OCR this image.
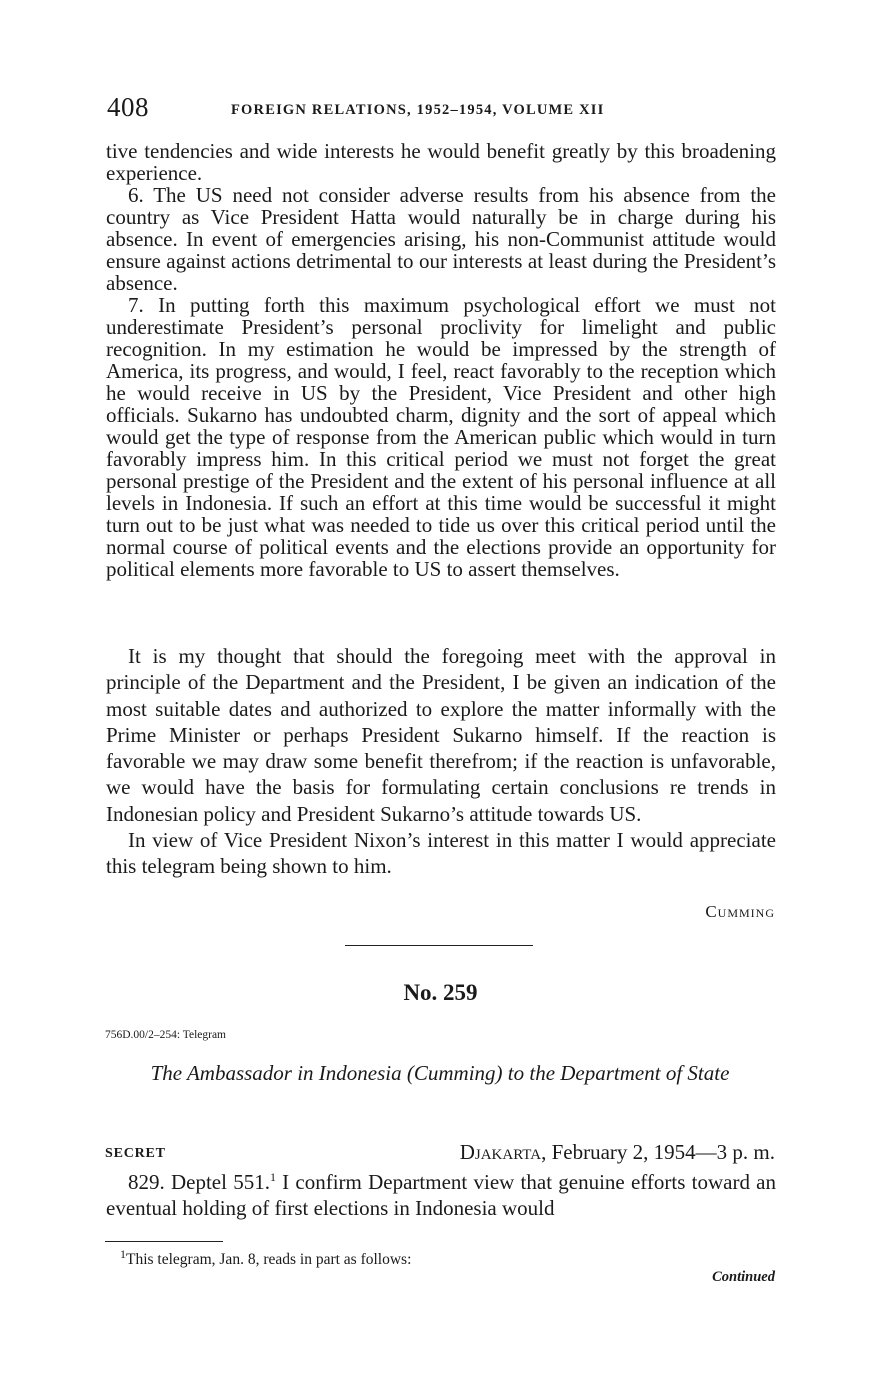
408	FOREIGN RELATIONS, 1952–1954, VOLUME XII

tive tendencies and wide interests he would benefit greatly by this broadening experience.

6. The US need not consider adverse results from his absence from the country as Vice President Hatta would naturally be in charge during his absence. In event of emergencies arising, his non-Communist attitude would ensure against actions detrimental to our interests at least during the President’s absence.

7. In putting forth this maximum psychological effort we must not underestimate President’s personal proclivity for limelight and public recognition. In my estimation he would be impressed by the strength of America, its progress, and would, I feel, react favorably to the reception which he would receive in US by the President, Vice President and other high officials. Sukarno has undoubted charm, dignity and the sort of appeal which would get the type of response from the American public which would in turn favorably impress him. In this critical period we must not forget the great personal prestige of the President and the extent of his personal influence at all levels in Indonesia. If such an effort at this time would be successful it might turn out to be just what was needed to tide us over this critical period until the normal course of political events and the elections provide an opportunity for political elements more favorable to US to assert themselves.

It is my thought that should the foregoing meet with the approval in principle of the Department and the President, I be given an indication of the most suitable dates and authorized to explore the matter informally with the Prime Minister or perhaps President Sukarno himself. If the reaction is favorable we may draw some benefit therefrom; if the reaction is unfavorable, we would have the basis for formulating certain conclusions re trends in Indonesian policy and President Sukarno’s attitude towards US.

In view of Vice President Nixon’s interest in this matter I would appreciate this telegram being shown to him.

Cumming
No. 259
756D.00/2–254: Telegram
The Ambassador in Indonesia (Cumming) to the Department of State
SECRET	Djakarta, February 2, 1954—3 p. m.

829. Deptel 551.$^1$ I confirm Department view that genuine efforts toward an eventual holding of first elections in Indonesia would

$^1$This telegram, Jan. 8, reads in part as follows:
Continued
